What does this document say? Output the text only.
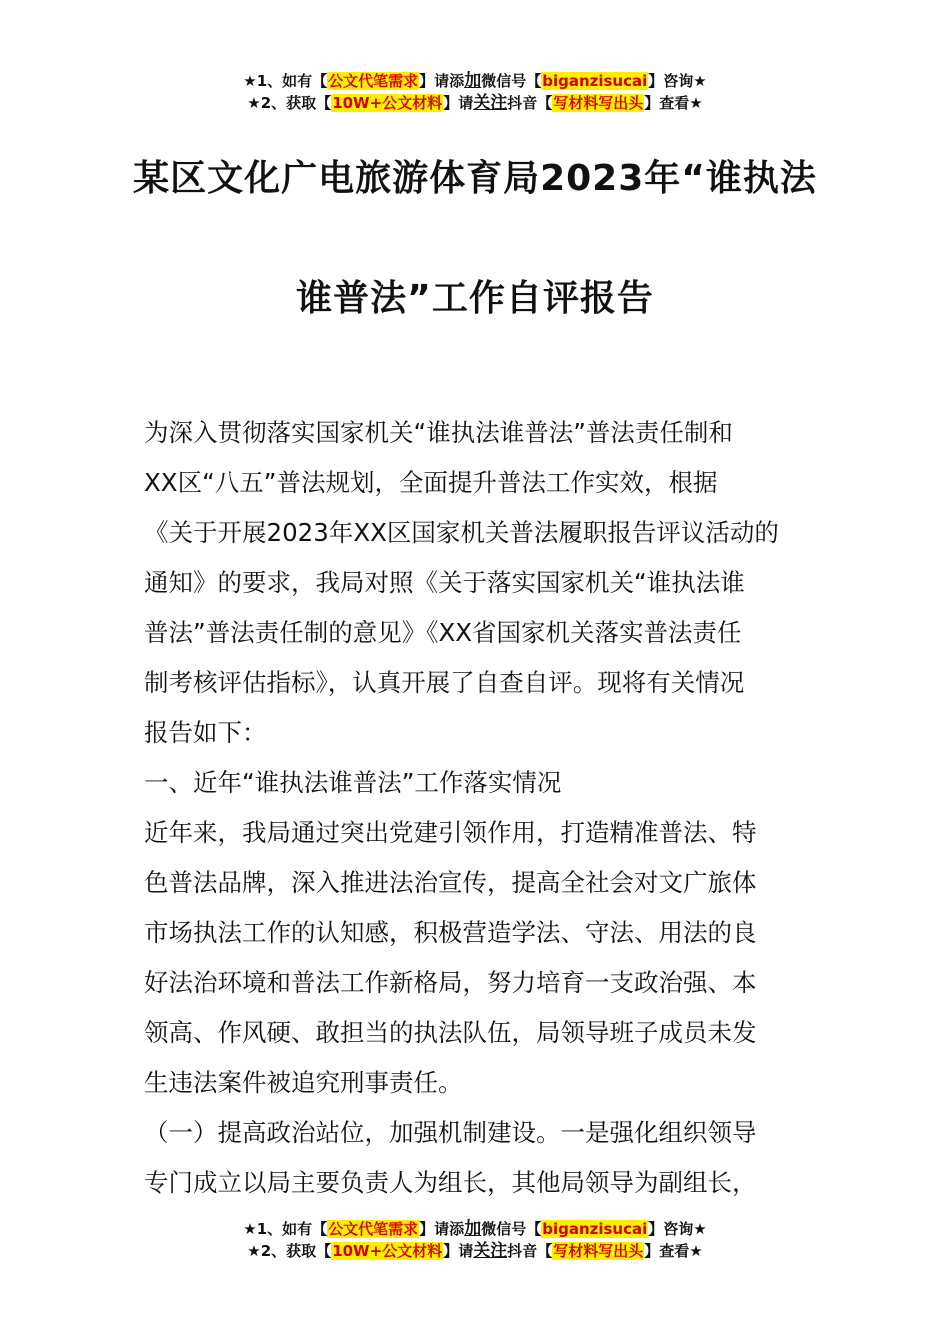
★1、如有【公文代笔需求】请添加微信号【biganzisucai】咨询★
★2、获取【10W+公文材料】请关注抖音【写材料写出头】查看★
某区文化广电旅游体育局2023年“谁执法
谁普法”工作自评报告

为深入贯彻落实国家机关“谁执法谁普法”普法责任制和

XX区“八五”普法规划，全面提升普法工作实效，根据

《关于开展2023年XX区国家机关普法履职报告评议活动的

通知》的要求，我局对照《关于落实国家机关“谁执法谁

普法”普法责任制的意见》《XX省国家机关落实普法责任

制考核评估指标》，认真开展了自查自评。现将有关情况

报告如下：

一、近年“谁执法谁普法”工作落实情况

近年来，我局通过突出党建引领作用，打造精准普法、特

色普法品牌，深入推进法治宣传，提高全社会对文广旅体

市场执法工作的认知感，积极营造学法、守法、用法的良

好法治环境和普法工作新格局，努力培育一支政治强、本

领高、作风硬、敢担当的执法队伍，局领导班子成员未发

生违法案件被追究刑事责任。

（一）提高政治站位，加强机制建设。一是强化组织领导

专门成立以局主要负责人为组长，其他局领导为副组长，

★1、如有【公文代笔需求】请添加微信号【biganzisucai】咨询★
★2、获取【10W+公文材料】请关注抖音【写材料写出头】查看★
